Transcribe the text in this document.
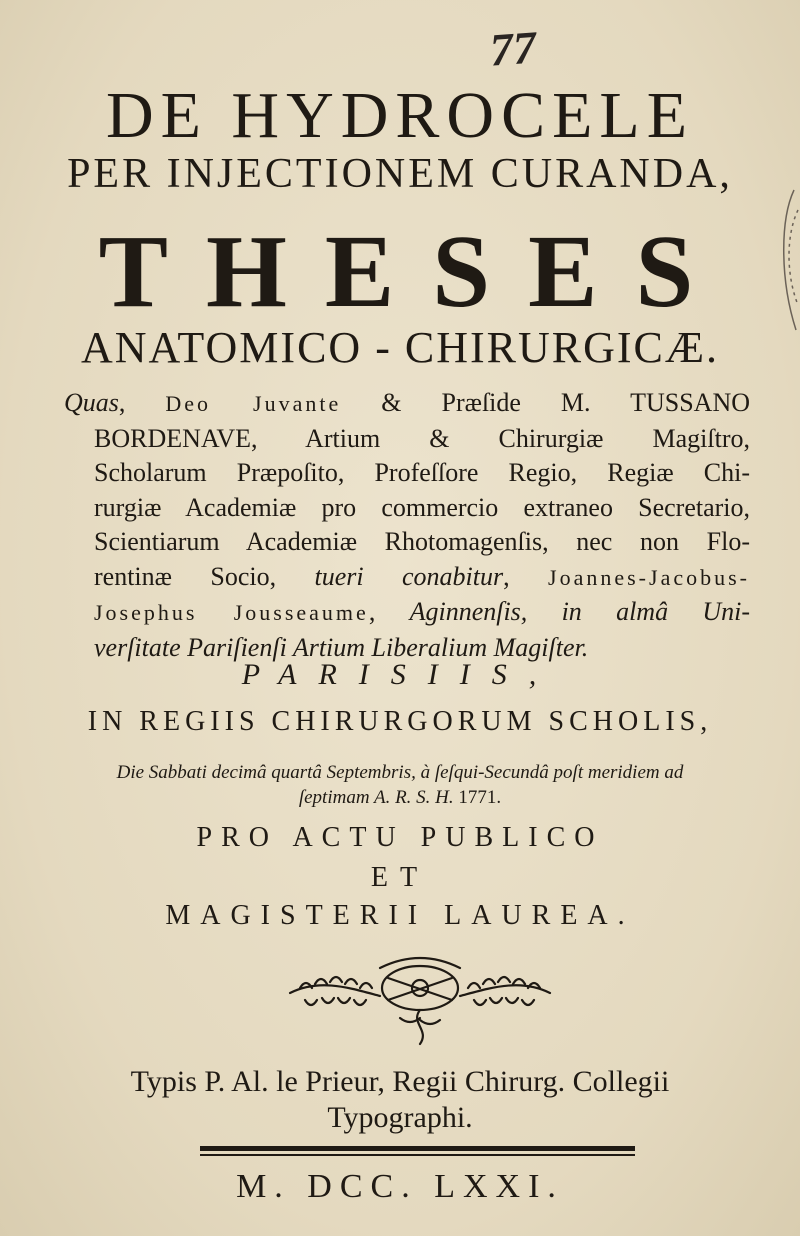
77
DE HYDROCELE
PER INJECTIONEM CURANDA,
THESES
ANATOMICO - CHIRURGICÆ.
Quas, Deo Juvante & Præſide M. TUSSANO
BORDENAVE, Artium & Chirurgiæ Magiſtro,
Scholarum Præpoſito, Profeſſore Regio, Regiæ Chi-
rurgiæ Academiæ pro commercio extraneo Secretario,
Scientiarum Academiæ Rhotomagenſis, nec non Flo-
rentinæ Socio, tueri conabitur, Joannes-Jacobus-
Josephus Jousseaume, Aginnenſis, in almâ Uni-
verſitate Pariſienſi Artium Liberalium Magiſter.
PARISIIS,
IN REGIIS CHIRURGORUM SCHOLIS,
Die Sabbati decimâ quartâ Septembris, à ſeſqui-Secundâ poſt meridiem ad
ſeptimam A. R. S. H. 1771.
PRO ACTU PUBLICO
ET
MAGISTERII LAUREA.
Typis P. Al. le Prieur, Regii Chirurg. Collegii
Typographi.
M. DCC. LXXI.
